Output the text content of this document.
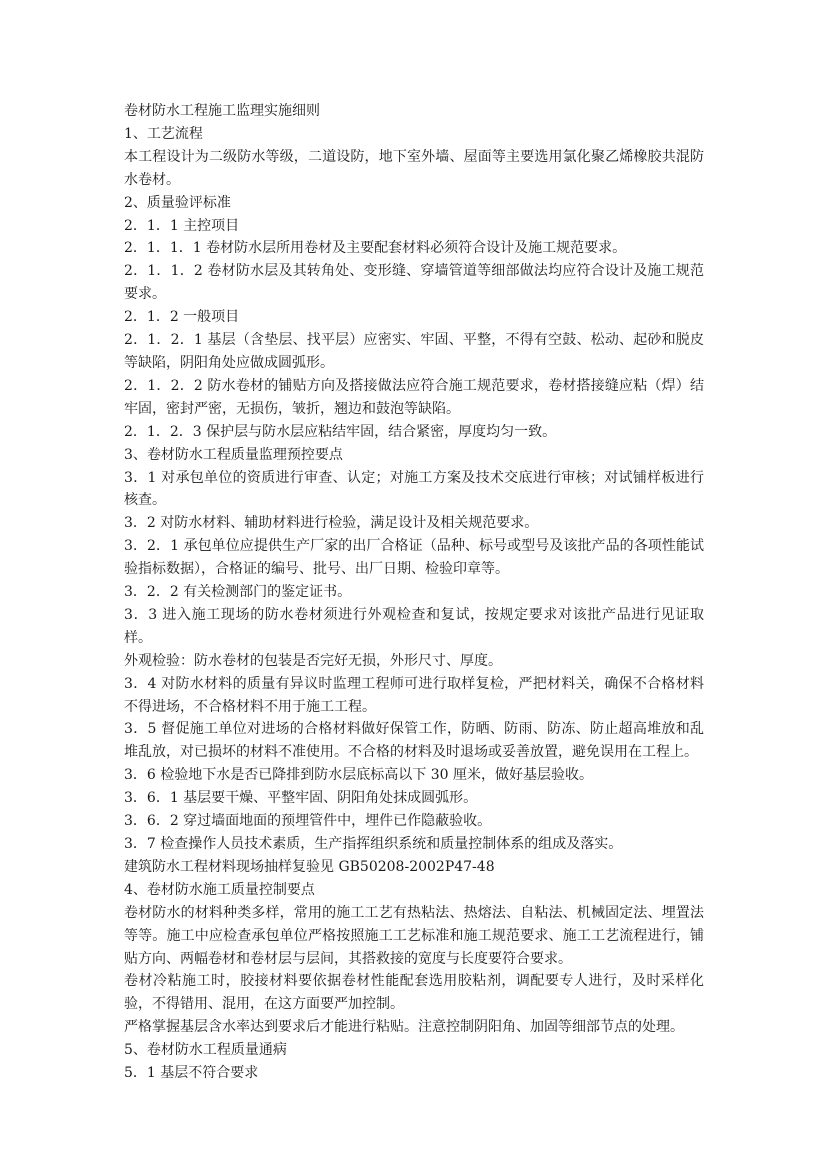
卷材防水工程施工监理实施细则

1、工艺流程

本工程设计为二级防水等级，二道设防，地下室外墙、屋面等主要选用氯化聚乙烯橡胶共混防水卷材。

2、质量验评标准

2．1．1 主控项目

2．1．1．1 卷材防水层所用卷材及主要配套材料必须符合设计及施工规范要求。

2．1．1．2 卷材防水层及其转角处、变形缝、穿墙管道等细部做法均应符合设计及施工规范要求。

2．1．2 一般项目

2．1．2．1 基层（含垫层、找平层）应密实、牢固、平整，不得有空鼓、松动、起砂和脱皮等缺陷，阴阳角处应做成圆弧形。

2．1．2．2 防水卷材的铺贴方向及搭接做法应符合施工规范要求，卷材搭接缝应粘（焊）结牢固，密封严密，无损伤，皱折，翘边和鼓泡等缺陷。

2．1．2．3 保护层与防水层应粘结牢固，结合紧密，厚度均匀一致。

3、卷材防水工程质量监理预控要点

3．1 对承包单位的资质进行审查、认定；对施工方案及技术交底进行审核；对试铺样板进行核查。

3．2 对防水材料、辅助材料进行检验，满足设计及相关规范要求。

3．2．1 承包单位应提供生产厂家的出厂合格证（品种、标号或型号及该批产品的各项性能试验指标数据），合格证的编号、批号、出厂日期、检验印章等。

3．2．2 有关检测部门的鉴定证书。

3．3 进入施工现场的防水卷材须进行外观检查和复试，按规定要求对该批产品进行见证取样。

外观检验：防水卷材的包装是否完好无损，外形尺寸、厚度。

3．4 对防水材料的质量有异议时监理工程师可进行取样复检，严把材料关，确保不合格材料不得进场，不合格材料不用于施工工程。

3．5 督促施工单位对进场的合格材料做好保管工作，防晒、防雨、防冻、防止超高堆放和乱堆乱放，对已损坏的材料不准使用。不合格的材料及时退场或妥善放置，避免误用在工程上。

3．6 检验地下水是否已降排到防水层底标高以下 30 厘米，做好基层验收。

3．6．1 基层要干燥、平整牢固、阴阳角处抹成圆弧形。

3．6．2 穿过墙面地面的预埋管件中，埋件已作隐蔽验收。

3．7 检查操作人员技术素质，生产指挥组织系统和质量控制体系的组成及落实。

建筑防水工程材料现场抽样复验见 GB50208-2002P47-48

4、卷材防水施工质量控制要点

卷材防水的材料种类多样，常用的施工工艺有热粘法、热熔法、自粘法、机械固定法、埋置法等等。施工中应检查承包单位严格按照施工工艺标准和施工规范要求、施工工艺流程进行，铺贴方向、两幅卷材和卷材层与层间，其搭救接的宽度与长度要符合要求。

卷材冷粘施工时，胶接材料要依据卷材性能配套选用胶粘剂，调配要专人进行，及时采样化验，不得错用、混用，在这方面要严加控制。

严格掌握基层含水率达到要求后才能进行粘贴。注意控制阴阳角、加固等细部节点的处理。

5、卷材防水工程质量通病

5．1 基层不符合要求
